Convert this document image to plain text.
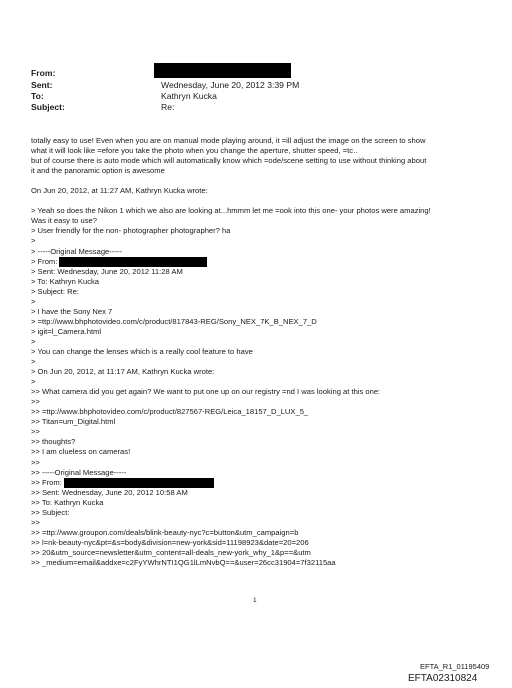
From:
Sent:	Wednesday, June 20, 2012 3:39 PM
To:	Kathryn Kucka
Subject:	Re:
totally easy to use! Even when you are on manual mode playing around, it =ill adjust the image on the screen to show
what it will look like =efore you take the photo when you change the aperture, shutter speed, =tc..
but of course there is auto mode which will automatically know which =ode/scene setting to use without thinking about
it and the panoramic option is awesome
On Jun 20, 2012, at 11:27 AM, Kathryn Kucka wrote:
> Yeah so does the Nikon 1 which we also are looking at...hmmm let me =ook into this one- your photos were amazing!
Was it easy to use?
> User friendly for the non- photographer photographer? ha
>
> -----Original Message-----
> From:
> Sent: Wednesday, June 20, 2012 11:28 AM
> To: Kathryn Kucka
> Subject: Re:
>
> I have the Sony Nex 7
> =ttp://www.bhphotovideo.com/c/product/817843-REG/Sony_NEX_7K_B_NEX_7_D
> igit=l_Camera.html
>
> You can change the lenses which is a really cool feature to have
>
> On Jun 20, 2012, at 11:17 AM, Kathryn Kucka wrote:
>
>> What camera did you get again? We want to put one up on our registry =nd I was looking at this one:
>>
>> =ttp://www.bhphotovideo.com/c/product/827567-REG/Leica_18157_D_LUX_5_
>> Titan=um_Digital.html
>>
>> thoughts?
>> I am clueless on cameras!
>>
>> -----Original Message-----
>> From:
>> Sent: Wednesday, June 20, 2012 10:58 AM
>> To: Kathryn Kucka
>> Subject:
>>
>> =ttp://www.groupon.com/deals/blink-beauty-nyc?c=button&utm_campaign=b
>> l=nk-beauty-nyc&pt=&s=body&division=new-york&sid=11198923&date=20=206
>> 20&utm_source=newsletter&utm_content=all-deals_new-york_why_1&p==&utm
>> _medium=email&addxe=c2FyYWhrNTI1QG1lLmNvbQ==&user=26cc31904=7f32115aa
1
EFTA_R1_01195409
EFTA02310824
